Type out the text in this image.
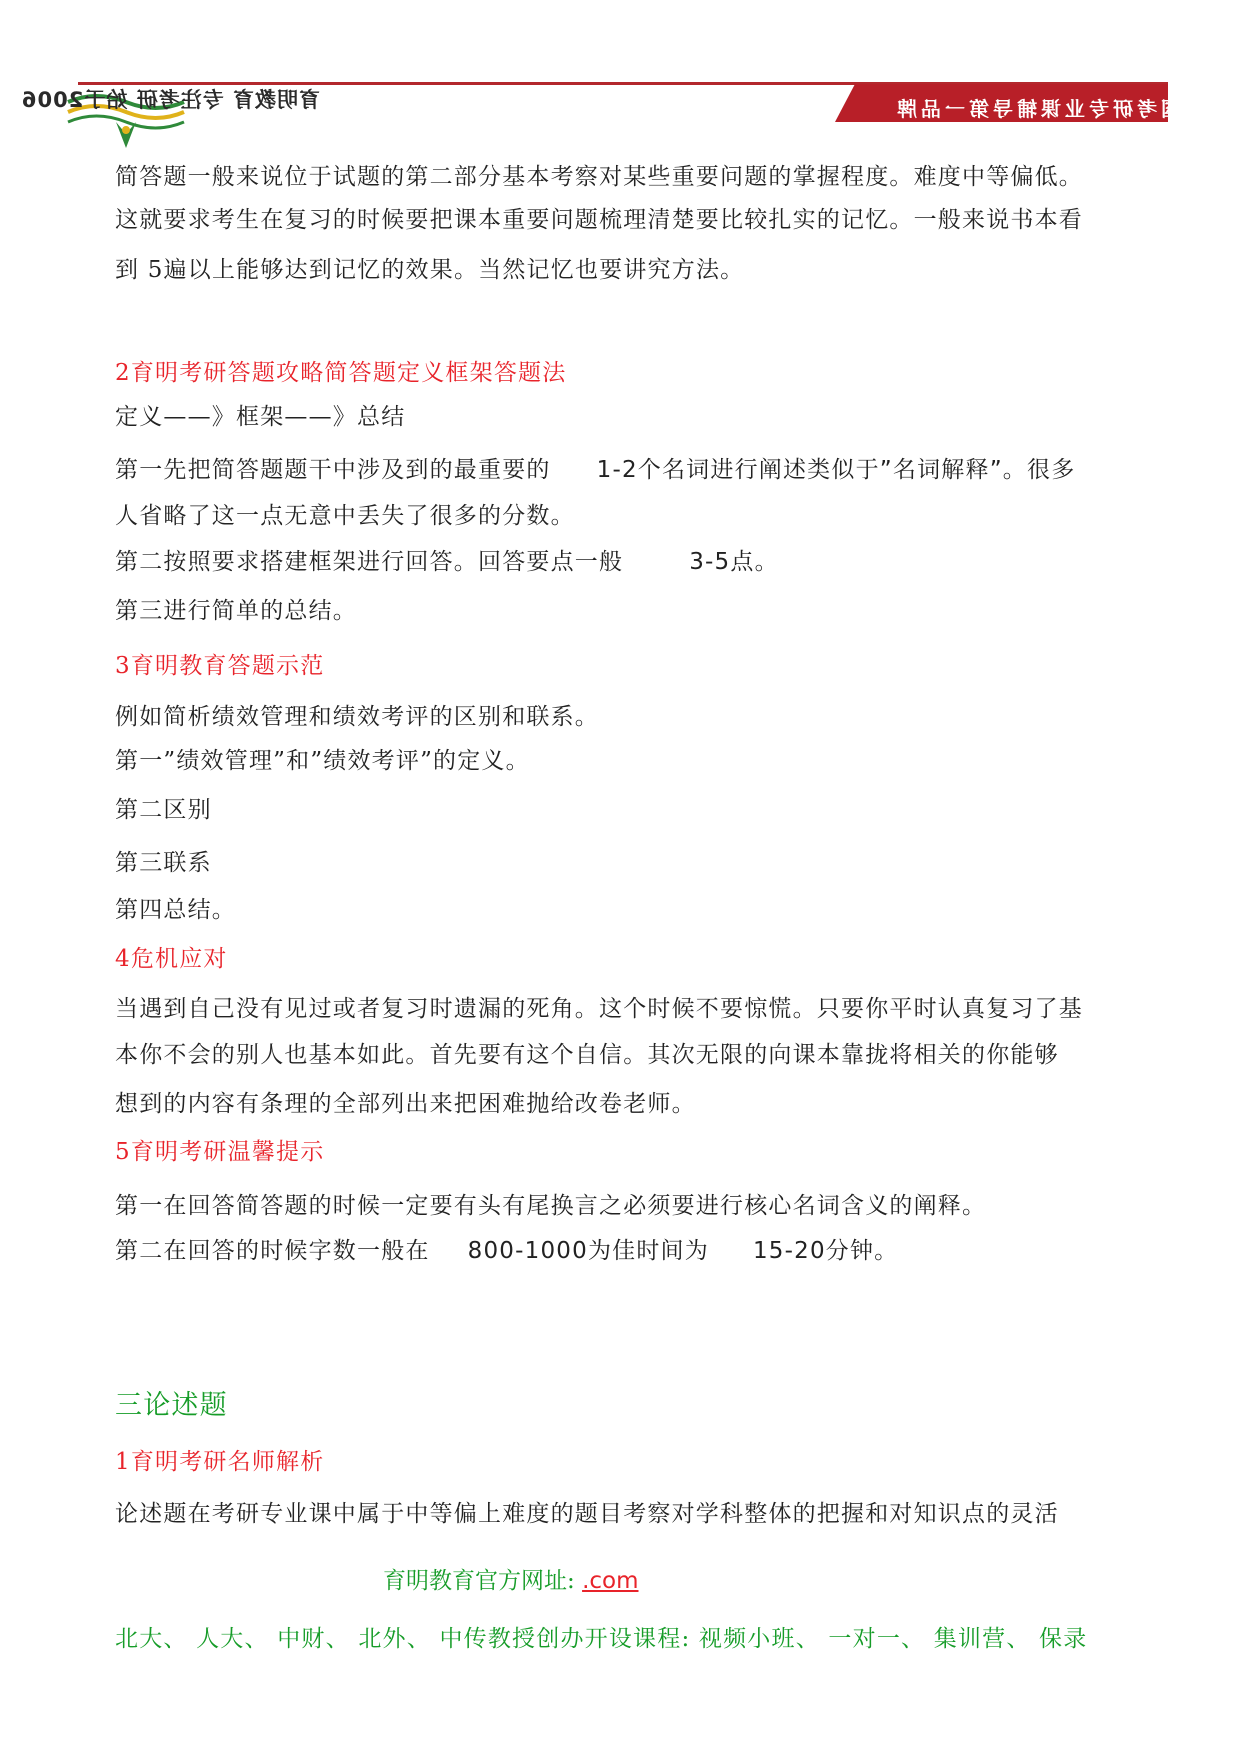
育明教育 专注考研 始于2006	中国考研专业课辅导第一品牌
简答题一般来说位于试题的第二部分基本考察对某些重要问题的掌握程度。难度中等偏低。
这就要求考生在复习的时候要把课本重要问题梳理清楚要比较扎实的记忆。一般来说书本看
到 5遍以上能够达到记忆的效果。当然记忆也要讲究方法。
2育明考研答题攻略简答题定义框架答题法
定义——》框架——》总结
第一先把简答题题干中涉及到的最重要的 1-2个名词进行阐述类似于”名词解释”。很多
人省略了这一点无意中丢失了很多的分数。
第二按照要求搭建框架进行回答。回答要点一般	3-5点。
第三进行简单的总结。
3育明教育答题示范
例如简析绩效管理和绩效考评的区别和联系。
第一”绩效管理”和”绩效考评”的定义。
第二区别
第三联系
第四总结。
4危机应对
当遇到自己没有见过或者复习时遗漏的死角。这个时候不要惊慌。只要你平时认真复习了基
本你不会的别人也基本如此。首先要有这个自信。其次无限的向课本靠拢将相关的你能够
想到的内容有条理的全部列出来把困难抛给改卷老师。
5育明考研温馨提示
第一在回答简答题的时候一定要有头有尾换言之必须要进行核心名词含义的阐释。
第二在回答的时候字数一般在 800-1000为佳时间为 15-20分钟。
三论述题
1育明考研名师解析
论述题在考研专业课中属于中等偏上难度的题目考察对学科整体的把握和对知识点的灵活
育明教育官方网址: .com
北大、 人大、 中财、 北外、 中传教授创办开设课程: 视频小班、 一对一、 集训营、 保录
